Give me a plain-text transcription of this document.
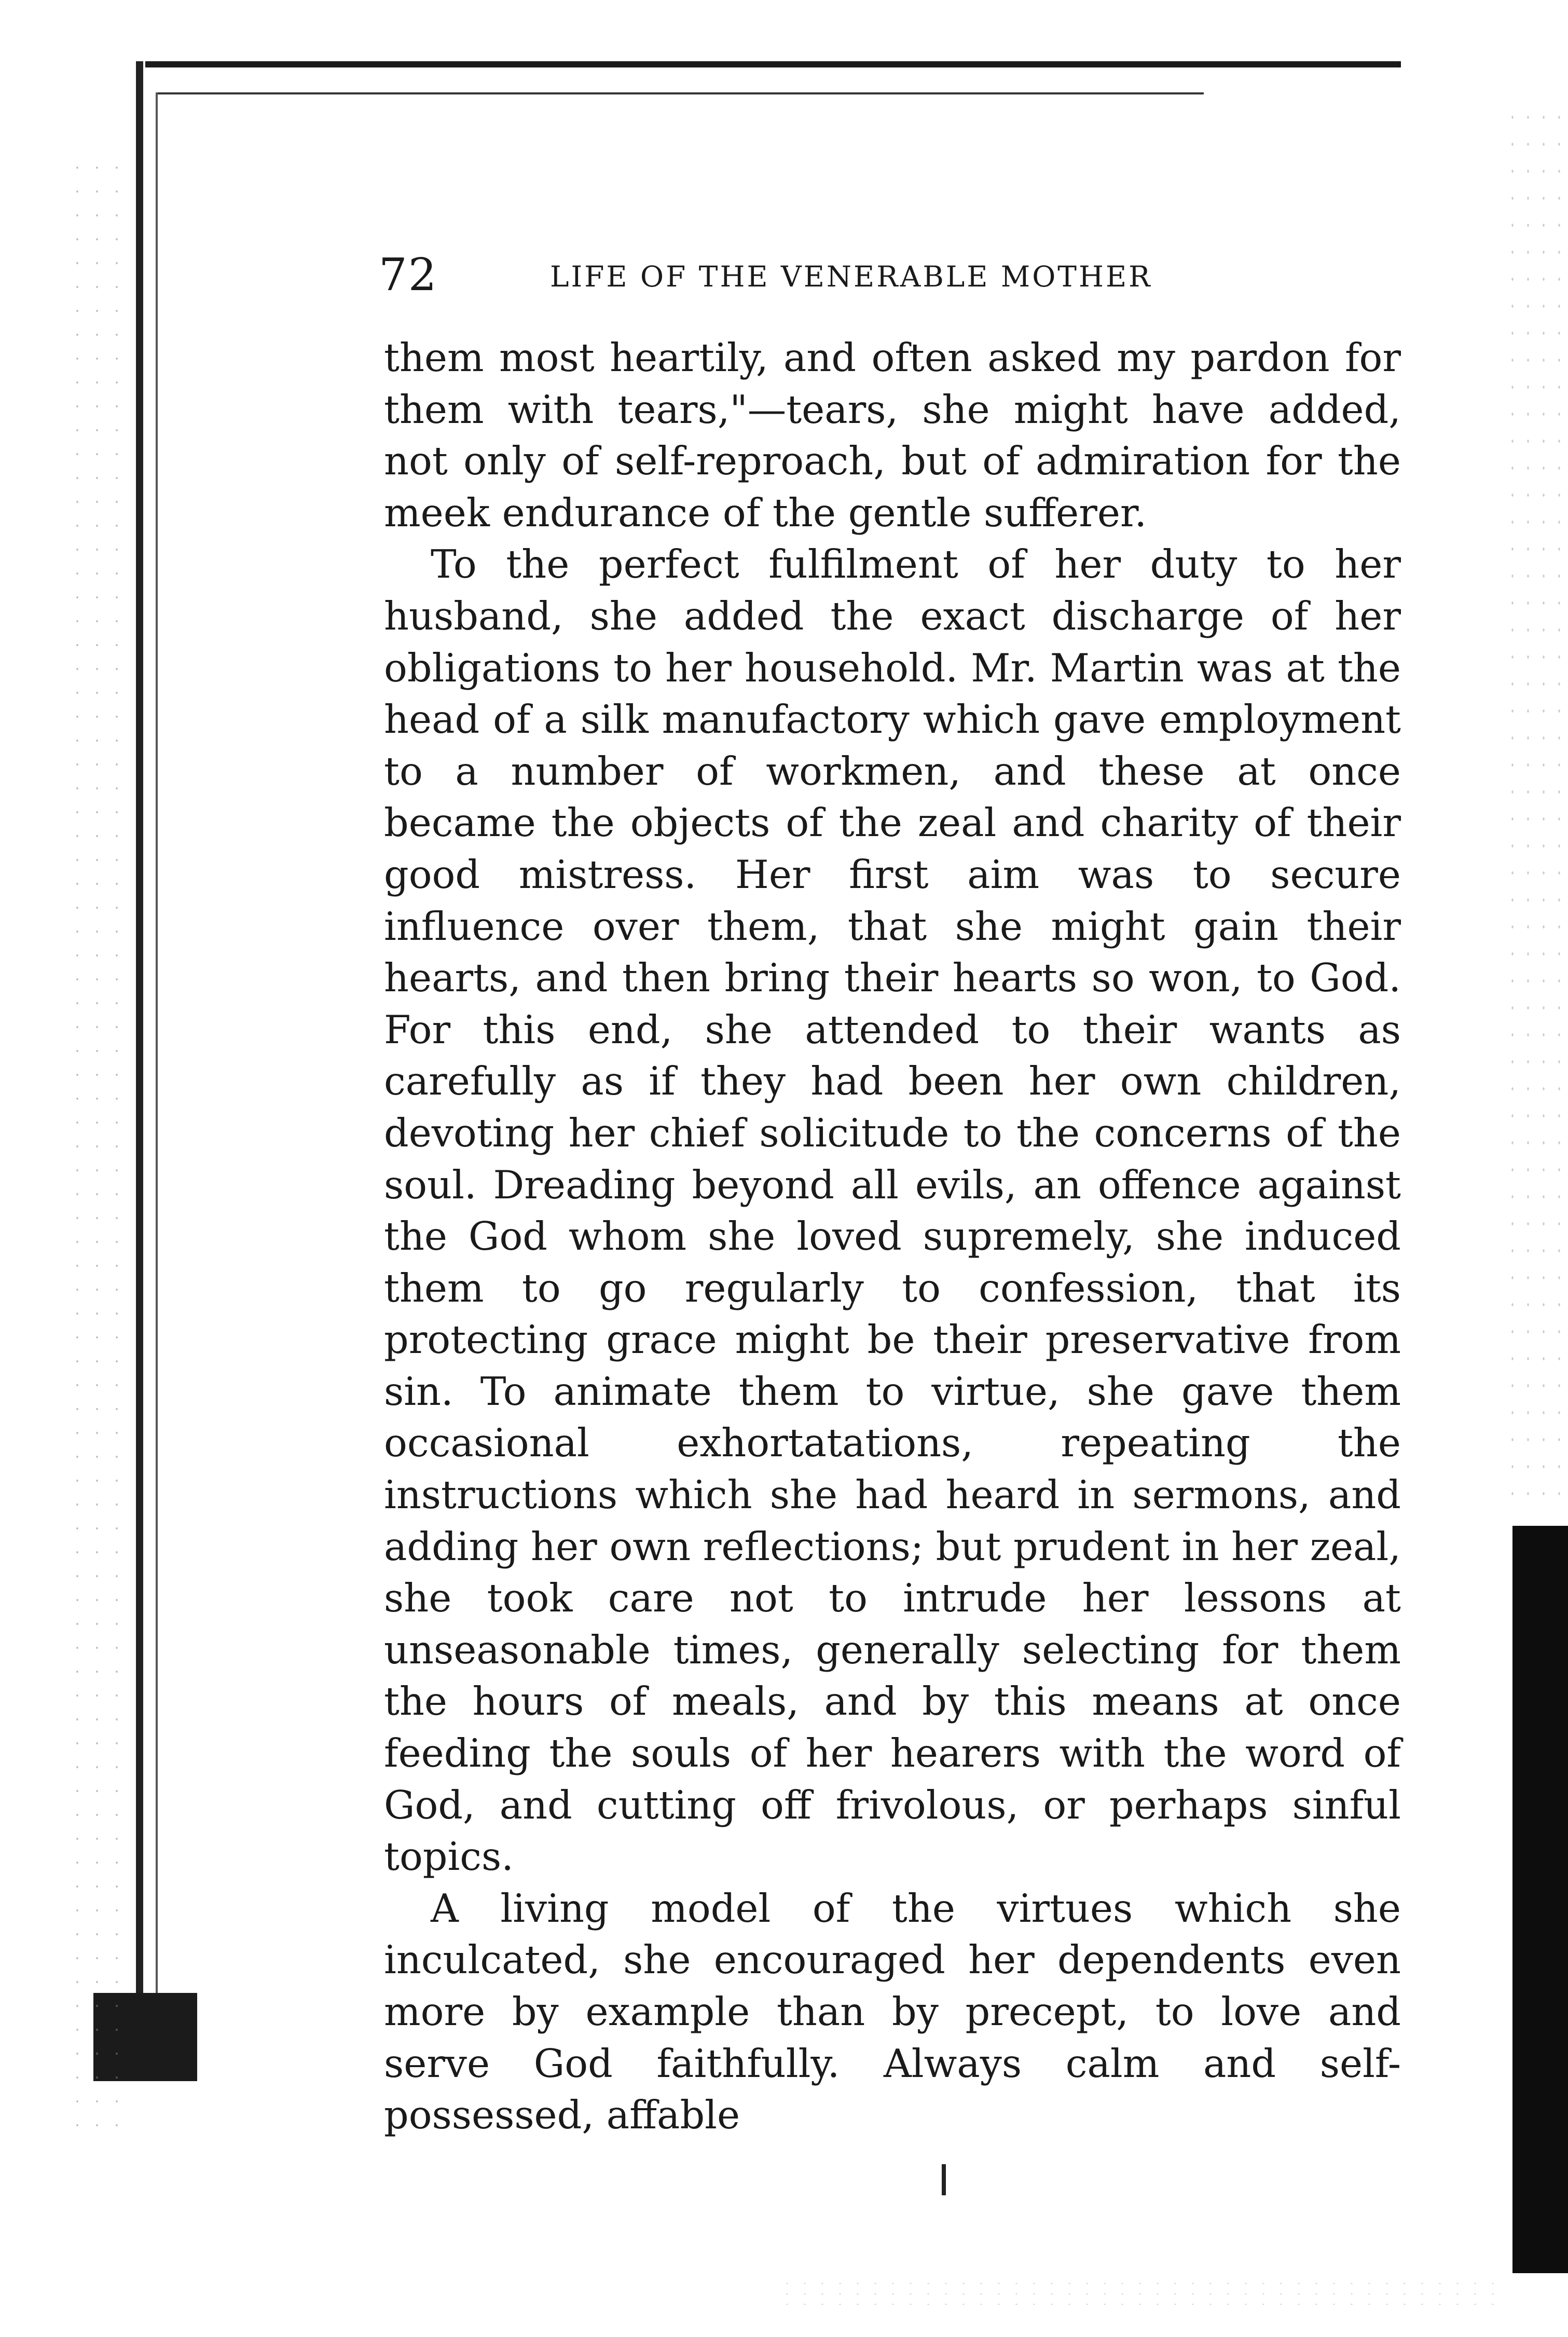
72	LIFE OF THE VENERABLE MOTHER

them most heartily, and often asked my pardon for them with tears,"—tears, she might have added, not only of self-reproach, but of admiration for the meek endurance of the gentle sufferer.

To the perfect fulfilment of her duty to her husband, she added the exact discharge of her obligations to her household. Mr. Martin was at the head of a silk manufactory which gave employment to a number of workmen, and these at once became the objects of the zeal and charity of their good mistress. Her first aim was to secure influence over them, that she might gain their hearts, and then bring their hearts so won, to God. For this end, she attended to their wants as carefully as if they had been her own children, devoting her chief solicitude to the concerns of the soul. Dreading beyond all evils, an offence against the God whom she loved supremely, she induced them to go regularly to confession, that its protecting grace might be their preservative from sin. To animate them to virtue, she gave them occasional exhortatations, repeating the instructions which she had heard in sermons, and adding her own reflections; but prudent in her zeal, she took care not to intrude her lessons at unseasonable times, generally selecting for them the hours of meals, and by this means at once feeding the souls of her hearers with the word of God, and cutting off frivolous, or perhaps sinful topics.

A living model of the virtues which she inculcated, she encouraged her dependents even more by example than by precept, to love and serve God faithfully. Always calm and self-possessed, affable
